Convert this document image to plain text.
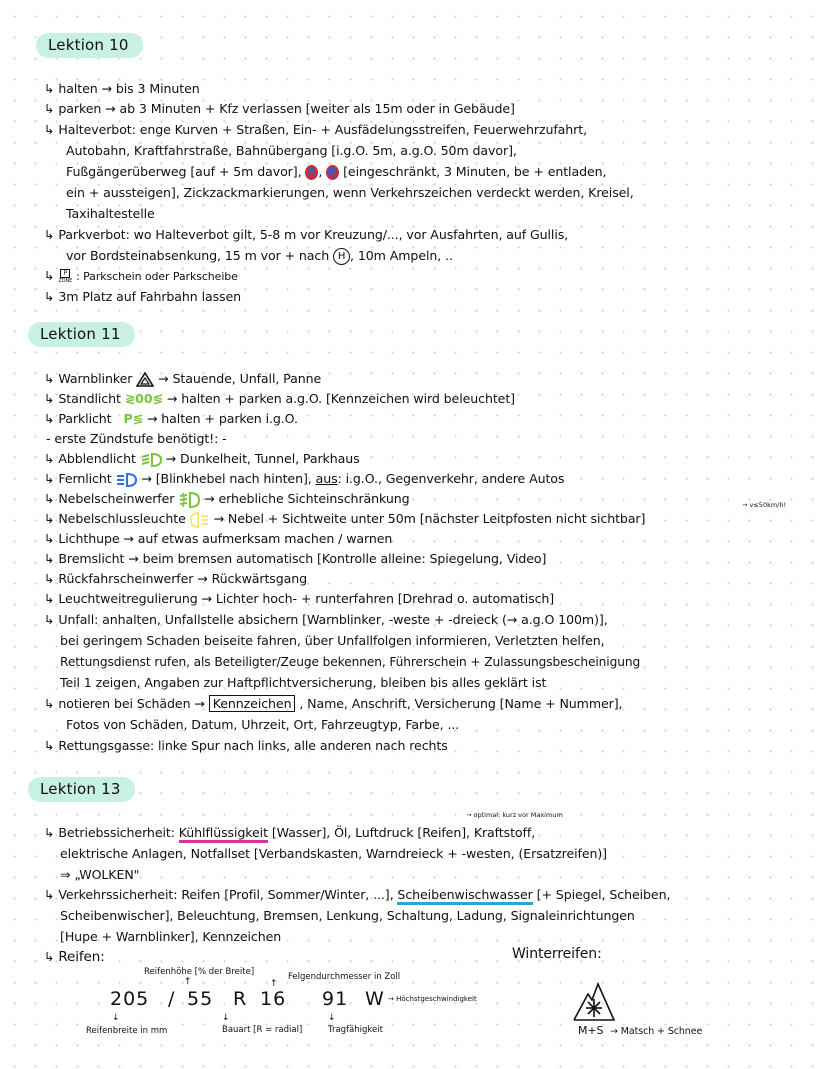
Lektion 10
↳ halten → bis 3 Minuten
↳ parken → ab 3 Minuten + Kfz verlassen [weiter als 15m oder in Gebäude]
↳ Halteverbot: enge Kurven + Straßen, Ein- + Ausfädelungsstreifen, Feuerwehrzufahrt,
Autobahn, Kraftfahrstraße, Bahnübergang [i.g.O. 5m, a.g.O. 50m davor],
Fußgängerüberweg [auf + 5m davor], ,  [eingeschränkt, 3 Minuten, be + entladen,
ein + aussteigen], Zickzackmarkierungen, wenn Verkehrszeichen verdeckt werden, Kreisel,
Taxihaltestelle
↳ Parkverbot: wo Halteverbot gilt, 5-8 m vor Kreuzung/..., vor Ausfahrten, auf Gullis,
vor Bordsteinabsenkung, 15 m vor + nach H , 10m Ampeln, ..
↳	P
ZONE : Parkschein oder Parkscheibe
↳ 3m Platz auf Fahrbahn lassen
Lektion 11
↳ Warnblinker → Stauende, Unfall, Panne
↳ Standlicht ≷00≶ → halten + parken a.g.O. [Kennzeichen wird beleuchtet]
↳ Parklicht P≶ → halten + parken i.g.O.
- erste Zündstufe benötigt!: -
↳ Abblendlicht → Dunkelheit, Tunnel, Parkhaus
↳ Fernlicht → [Blinkhebel nach hinten], aus: i.g.O., Gegenverkehr, andere Autos
↳ Nebelscheinwerfer → erhebliche Sichteinschränkung	→ v≤50km/h!
↳ Nebelschlussleuchte → Nebel + Sichtweite unter 50m [nächster Leitpfosten nicht sichtbar]
↳ Lichthupe → auf etwas aufmerksam machen / warnen
↳ Bremslicht → beim bremsen automatisch [Kontrolle alleine: Spiegelung, Video]
↳ Rückfahrscheinwerfer → Rückwärtsgang
↳ Leuchtweitregulierung → Lichter hoch- + runterfahren [Drehrad o. automatisch]
↳ Unfall: anhalten, Unfallstelle absichern [Warnblinker, -weste + -dreieck (→ a.g.O 100m)],
bei geringem Schaden beiseite fahren, über Unfallfolgen informieren, Verletzten helfen,
Rettungsdienst rufen, als Beteiligter/Zeuge bekennen, Führerschein + Zulassungsbescheinigung
Teil 1 zeigen, Angaben zur Haftpflichtversicherung, bleiben bis alles geklärt ist
↳ notieren bei Schäden → Kennzeichen , Name, Anschrift, Versicherung [Name + Nummer],
Fotos von Schäden, Datum, Uhrzeit, Ort, Fahrzeugtyp, Farbe, ...
↳ Rettungsgasse: linke Spur nach links, alle anderen nach rechts
Lektion 13
→ optimal: kurz vor Maximum
↳ Betriebssicherheit: Kühlflüssigkeit [Wasser], Öl, Luftdruck [Reifen], Kraftstoff,
elektrische Anlagen, Notfallset [Verbandskasten, Warndreieck + -westen, (Ersatzreifen)]
⇒ „WOLKEN"
↳ Verkehrssicherheit: Reifen [Profil, Sommer/Winter, ...], Scheibenwischwasser [+ Spiegel, Scheiben,
Scheibenwischer], Beleuchtung, Bremsen, Lenkung, Schaltung, Ladung, Signaleinrichtungen
[Hupe + Warnblinker], Kennzeichen
↳ Reifen:	Winterreifen:
Reifenhöhe [% der Breite]	Felgendurchmesser in Zoll
↑	↑
205 / 55 R 16 91 W → Höchstgeschwindigkeit
↓	↓	↓
Reifenbreite in mm	Bauart [R = radial]	Tragfähigkeit	M+S → Matsch + Schnee
